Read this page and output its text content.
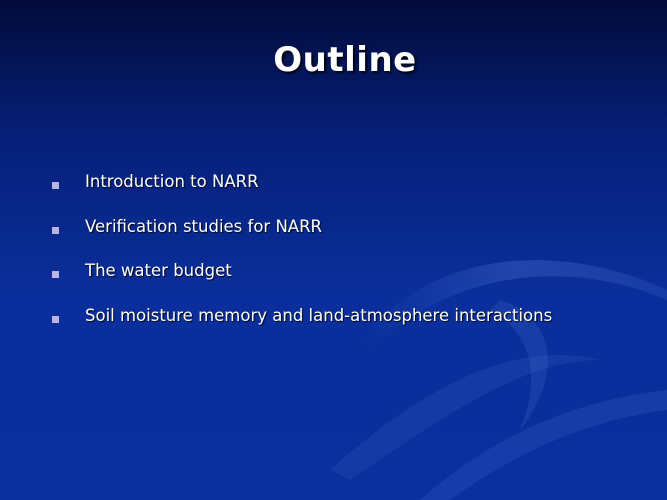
Outline
Introduction to NARR
Verification studies for NARR
The water budget
Soil moisture memory and land-atmosphere interactions
